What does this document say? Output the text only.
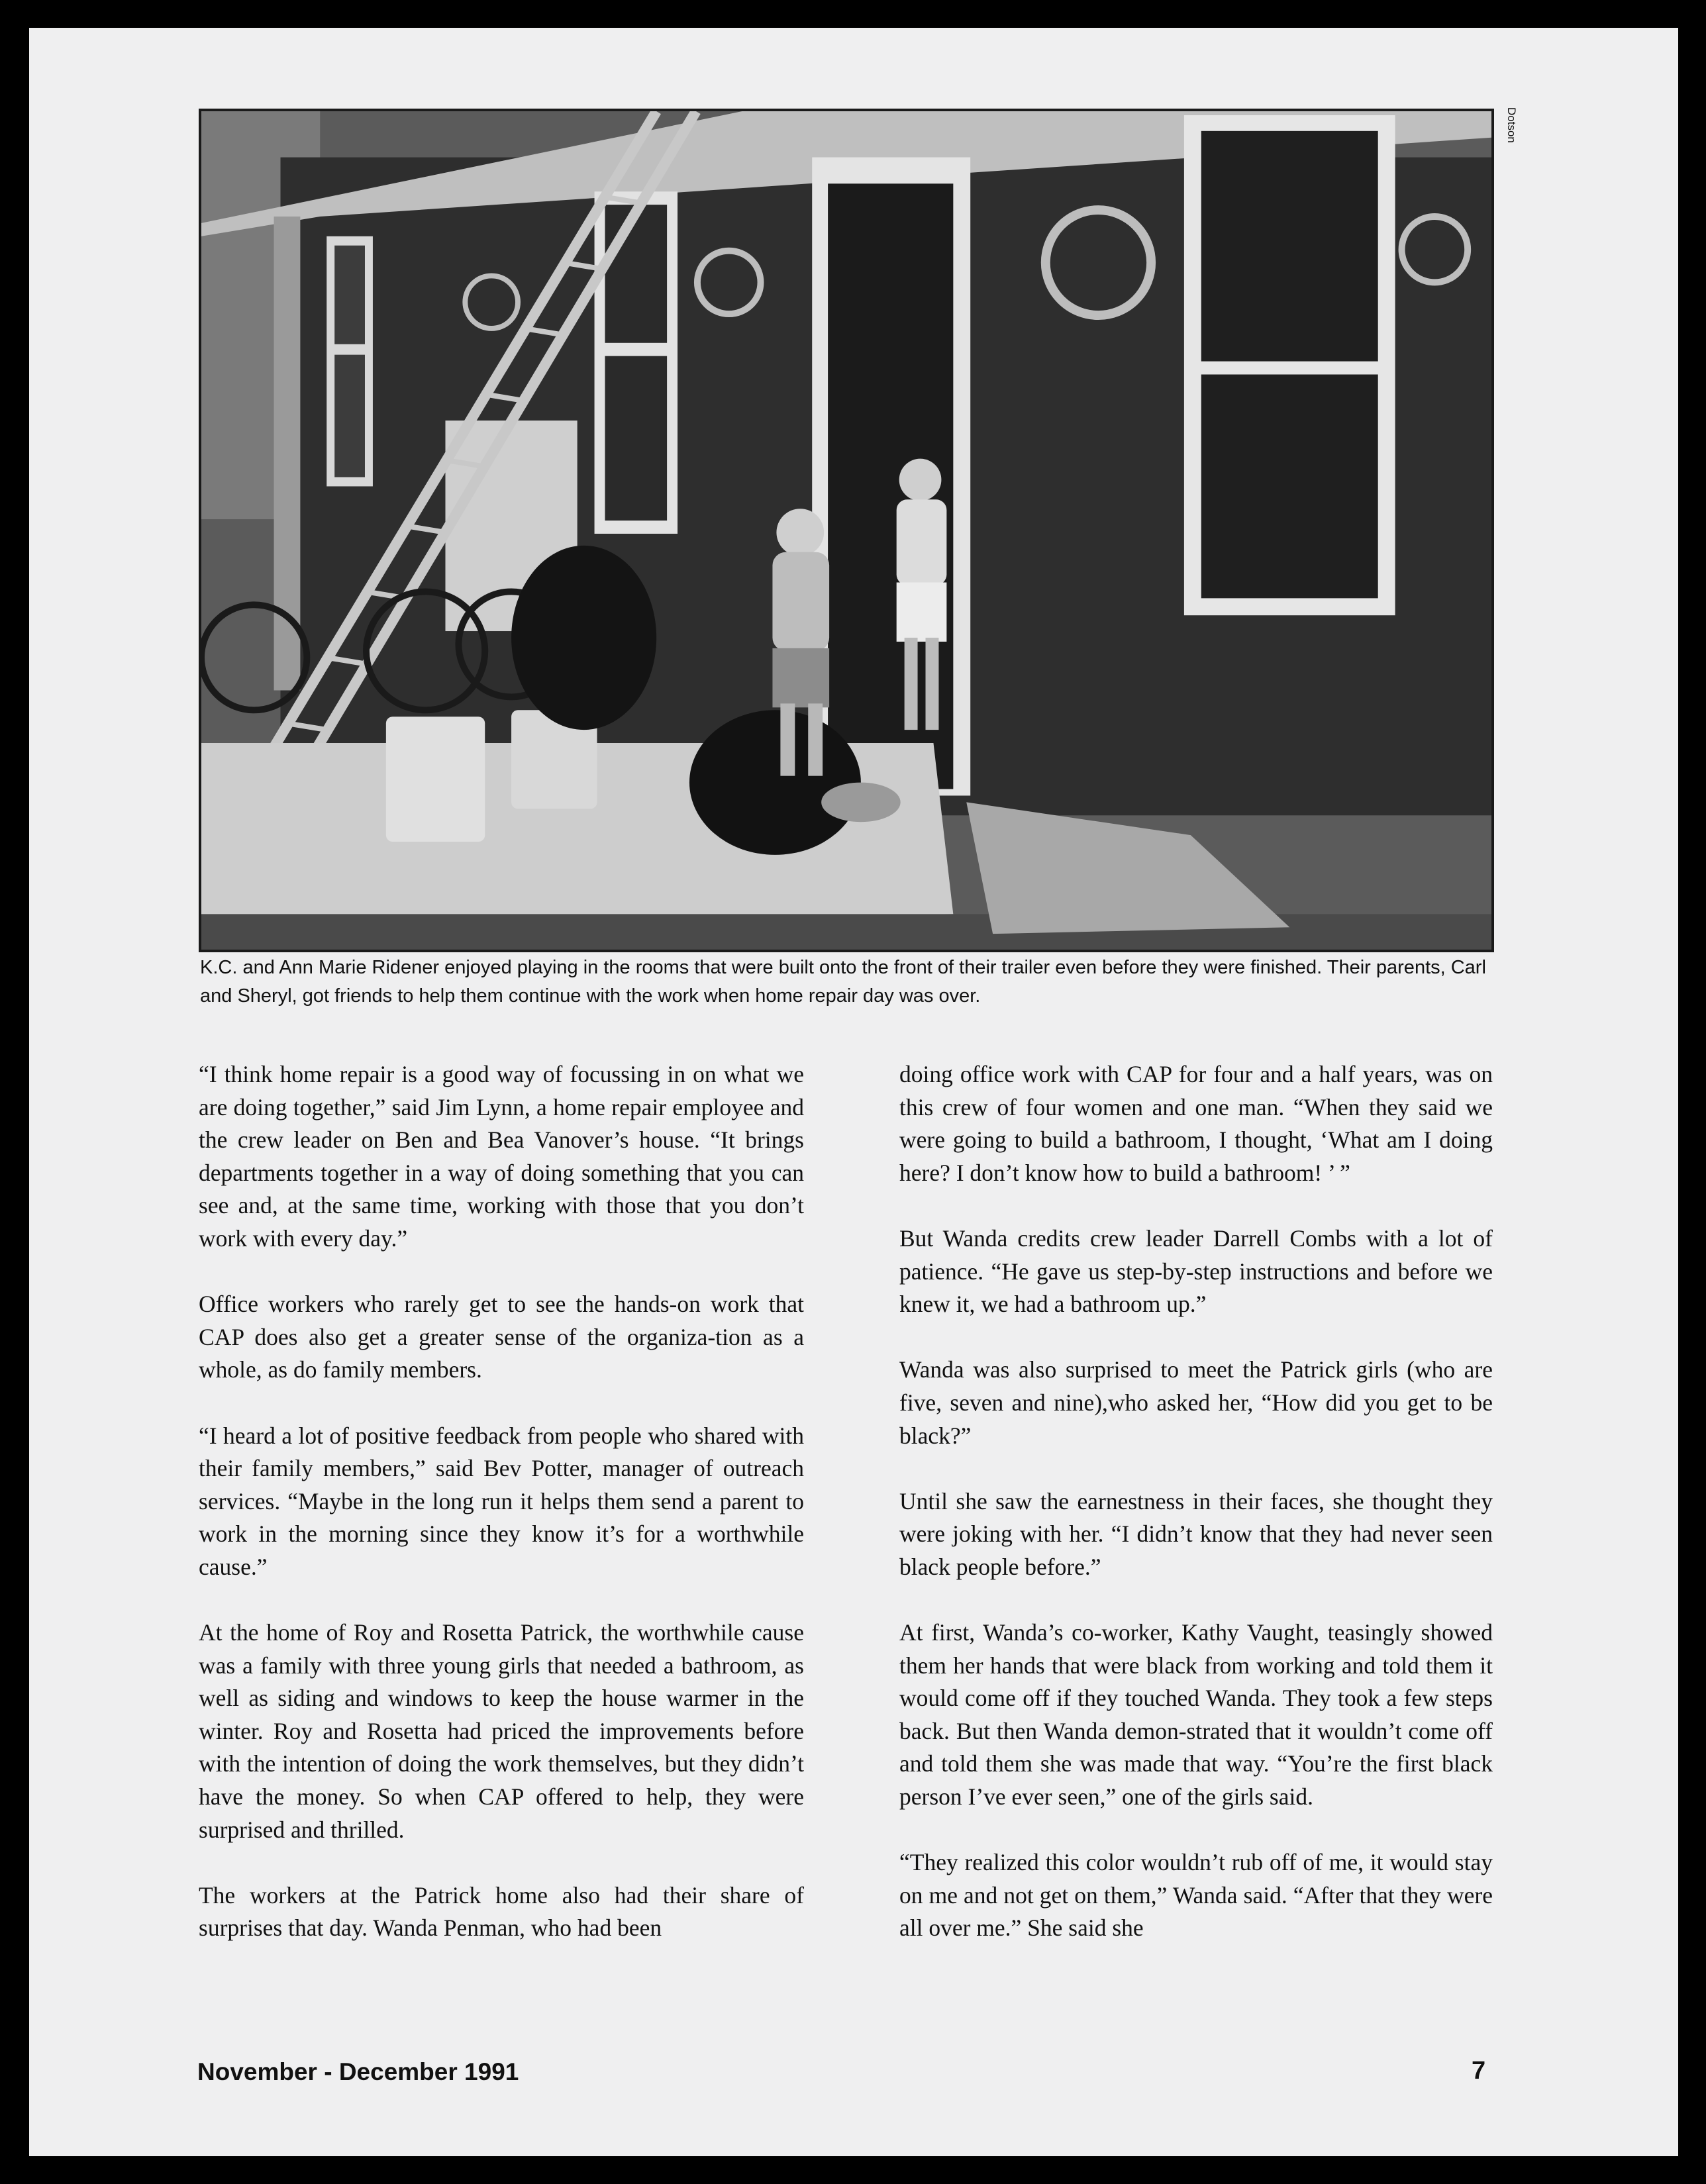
Dotson
K.C. and Ann Marie Ridener enjoyed playing in the rooms that were built onto the front of their trailer even before they were finished. Their parents, Carl and Sheryl, got friends to help them continue with the work when home repair day was over.

“I think home repair is a good way of focussing in on what we are doing together,” said Jim Lynn, a home repair employee and the crew leader on Ben and Bea Vanover’s house. “It brings departments together in a way of doing something that you can see and, at the same time, working with those that you don’t work with every day.”

Office workers who rarely get to see the hands-on work that CAP does also get a greater sense of the organiza-tion as a whole, as do family members.

“I heard a lot of positive feedback from people who shared with their family members,” said Bev Potter, manager of outreach services. “Maybe in the long run it helps them send a parent to work in the morning since they know it’s for a worthwhile cause.”

At the home of Roy and Rosetta Patrick, the worthwhile cause was a family with three young girls that needed a bathroom, as well as siding and windows to keep the house warmer in the winter. Roy and Rosetta had priced the improvements before with the intention of doing the work themselves, but they didn’t have the money. So when CAP offered to help, they were surprised and thrilled.

The workers at the Patrick home also had their share of surprises that day. Wanda Penman, who had been

doing office work with CAP for four and a half years, was on this crew of four women and one man. “When they said we were going to build a bathroom, I thought, ‘What am I doing here? I don’t know how to build a bathroom! ’ ”

But Wanda credits crew leader Darrell Combs with a lot of patience. “He gave us step-by-step instructions and before we knew it, we had a bathroom up.”

Wanda was also surprised to meet the Patrick girls (who are five, seven and nine),who asked her, “How did you get to be black?”

Until she saw the earnestness in their faces, she thought they were joking with her. “I didn’t know that they had never seen black people before.”

At first, Wanda’s co-worker, Kathy Vaught, teasingly showed them her hands that were black from working and told them it would come off if they touched Wanda. They took a few steps back. But then Wanda demon-strated that it wouldn’t come off and told them she was made that way. “You’re the first black person I’ve ever seen,” one of the girls said.

“They realized this color wouldn’t rub off of me, it would stay on me and not get on them,” Wanda said. “After that they were all over me.” She said she

November - December 1991	7
